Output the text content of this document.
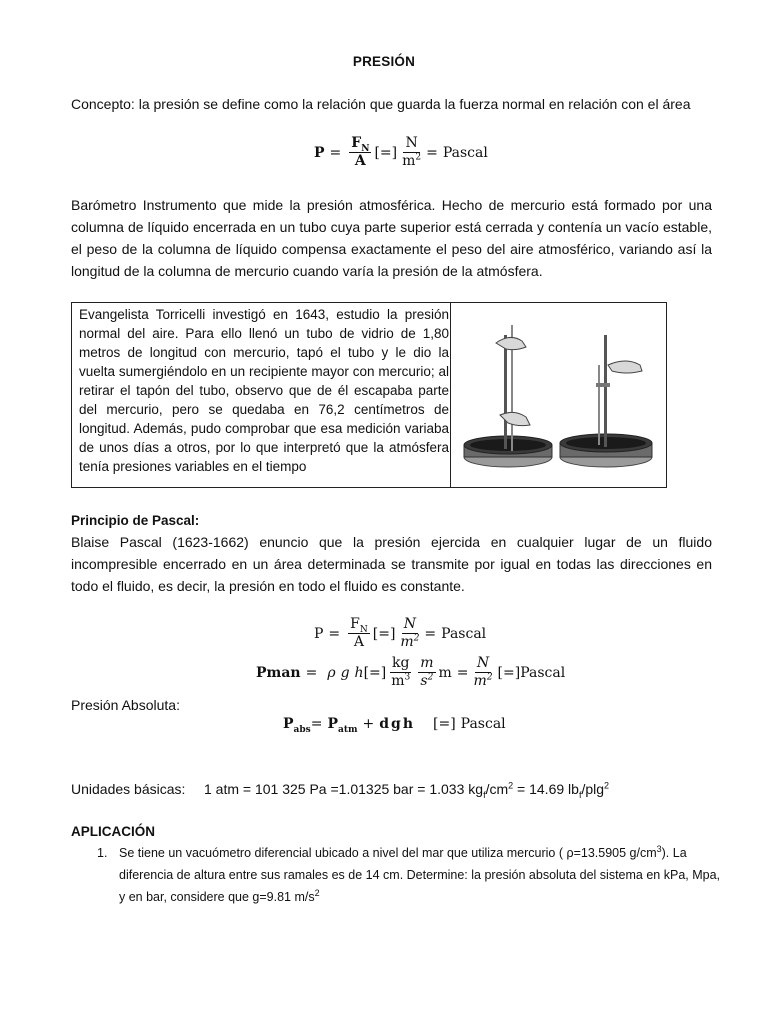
PRESIÓN
Concepto: la presión se define como la relación que guarda la fuerza normal en relación con el área
$P = \frac{F_N}{A}$ [=] $\frac{N}{m^2}$ = Pascal
Barómetro Instrumento que mide la presión atmosférica. Hecho de mercurio está formado por una columna de líquido encerrada en un tubo cuya parte superior está cerrada y contenía un vacío estable, el peso de la columna de líquido compensa exactamente el peso del aire atmosférico, variando así la longitud de la columna de mercurio cuando varía la presión de la atmósfera.
Evangelista Torricelli investigó en 1643, estudio la presión normal del aire. Para ello llenó un tubo de vidrio de 1,80 metros de longitud con mercurio, tapó el tubo y le dio la vuelta sumergiéndolo en un recipiente mayor con mercurio; al retirar el tapón del tubo, observo que de él escapaba parte del mercurio, pero se quedaba en 76,2 centímetros de longitud. Además, pudo comprobar que esa medición variaba de unos días a otros, por lo que interpretó que la atmósfera tenía presiones variables en el tiempo
Principio de Pascal:
Blaise Pascal (1623-1662) enuncio que la presión ejercida en cualquier lugar de un fluido incompresible encerrado en un área determinada se transmite por igual en todas las direcciones en todo el fluido, es decir, la presión en todo el fluido es constante.
$P = \frac{F_N}{A}$ [=] $\frac{N}{m^2}$ = Pascal
Pman = ρ g h [=] $\frac{kg}{m^3} \frac{m}{s^2}$ $m = \frac{N}{m^2}$ [=] Pascal
Presión Absoluta:
$P_{abs} = P_{atm}$ + dgh [=] Pascal
Unidades básicas: 1 atm = 101 325 Pa =1.01325 bar = 1.033 $kg_f/cm^2 = 14.69$ $lb_f/plg^2$
APLICACIÓN
1. Se tiene un vacuómetro diferencial ubicado a nivel del mar que utiliza mercurio ( ρ=13.5905 $g/cm^3$). La
diferencia de altura entre sus ramales es de 14 cm. Determine: la presión absoluta del sistema en kPa, Mpa,
y en bar, considere que g=9.81 $m/s^2$
